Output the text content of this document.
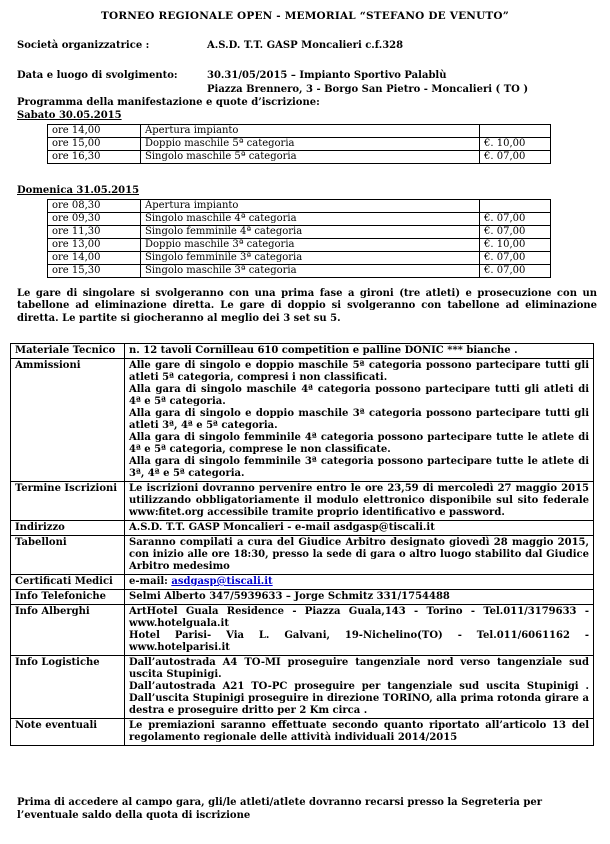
TORNEO REGIONALE OPEN - MEMORIAL “STEFANO DE VENUTO”
Società organizzatrice :	A.S.D. T.T. GASP Moncalieri c.f.328
Data e luogo di svolgimento:	30.31/05/2015 – Impianto Sportivo Palablù
Piazza Brennero, 3 - Borgo San Pietro - Moncalieri ( TO )
Programma della manifestazione e quote d’iscrizione:
Sabato 30.05.2015
ore 14,00	Apertura impianto	
ore 15,00	Doppio maschile 5ª categoria	€. 10,00
ore 16,30	Singolo maschile 5ª categoria	€. 07,00
Domenica 31.05.2015
ore 08,30	Apertura impianto	
ore 09,30	Singolo maschile 4ª categoria	€. 07,00
ore 11,30	Singolo femminile 4ª categoria	€. 07,00
ore 13,00	Doppio maschile 3ª categoria	€. 10,00
ore 14,00	Singolo femminile 3ª categoria	€. 07,00
ore 15,30	Singolo maschile 3ª categoria	€. 07,00
Le gare di singolare si svolgeranno con una prima fase a gironi (tre atleti) e prosecuzione con un tabellone ad eliminazione diretta. Le gare di doppio si svolgeranno con tabellone ad eliminazione diretta. Le partite si giocheranno al meglio dei 3 set su 5.
Materiale Tecnico	n. 12 tavoli Cornilleau 610 competition e palline DONIC *** bianche .
Ammissioni	Alle gare di singolo e doppio maschile 5ª categoria possono partecipare tutti gli atleti 5ª categoria, compresi i non classificati.
Alla gara di singolo maschile 4ª categoria possono partecipare tutti gli atleti di 4ª e 5ª categoria.
Alla gara di singolo e doppio maschile 3ª categoria possono partecipare tutti gli atleti 3ª, 4ª e 5ª categoria.
Alla gara di singolo femminile 4ª categoria possono partecipare tutte le atlete di 4ª e 5ª categoria, comprese le non classificate.
Alla gara di singolo femminile 3ª categoria possono partecipare tutte le atlete di 3ª, 4ª e 5ª categoria.

Termine Iscrizioni	Le iscrizioni dovranno pervenire entro le ore 23,59 di mercoledì 27 maggio 2015 utilizzando obbligatoriamente il modulo elettronico disponibile sul sito federale www:fitet.org accessibile tramite proprio identificativo e password.
Indirizzo	A.S.D. T.T. GASP Moncalieri - e-mail asdgasp@tiscali.it
Tabelloni	Saranno compilati a cura del Giudice Arbitro designato giovedì 28 maggio 2015, con inizio alle ore 18:30, presso la sede di gara o altro luogo stabilito dal Giudice Arbitro medesimo
Certificati Medici	e-mail: asdgasp@tiscali.it
Info Telefoniche	Selmi Alberto 347/5939633 – Jorge Schmitz 331/1754488
Info Alberghi	ArtHotel Guala Residence - Piazza Guala,143 - Torino - Tel.011/3179633 - www.hotelguala.it
Hotel Parisi- Via L. Galvani, 19-Nichelino(TO) - Tel.011/6061162 - www.hotelparisi.it

Info Logistiche	Dall’autostrada A4 TO-MI proseguire tangenziale nord verso tangenziale sud uscita Stupinigi.
Dall’autostrada A21 TO-PC proseguire per tangenziale sud uscita Stupinigi . Dall’uscita Stupinigi proseguire in direzione TORINO, alla prima rotonda girare a destra e proseguire dritto per 2 Km circa .

Note eventuali	Le premiazioni saranno effettuate secondo quanto riportato all’articolo 13 del regolamento regionale delle attività individuali 2014/2015
Prima di accedere al campo gara, gli/le atleti/atlete dovranno recarsi presso la Segreteria per l’eventuale saldo della quota di iscrizione
